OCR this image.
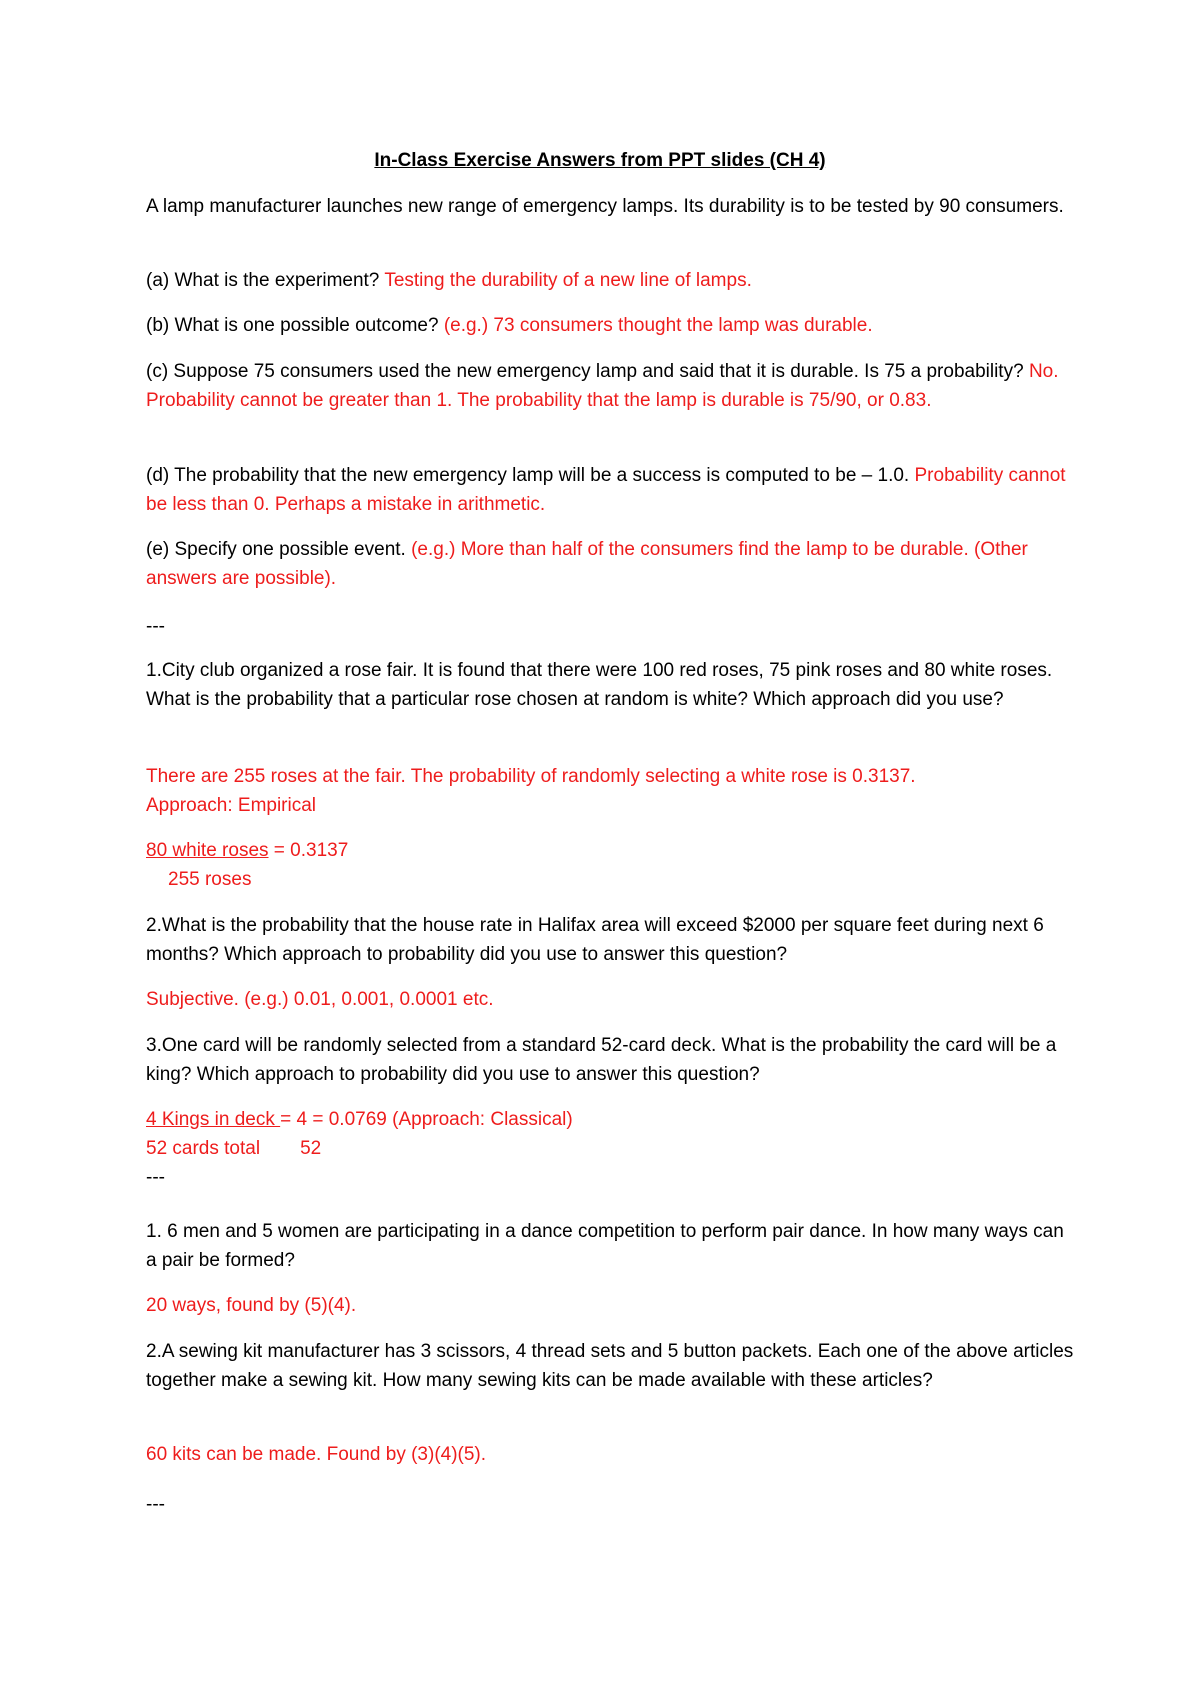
In-Class Exercise Answers from PPT slides (CH 4)
A lamp manufacturer launches new range of emergency lamps. Its durability is to be tested by 90 consumers.
(a) What is the experiment? Testing the durability of a new line of lamps.
(b) What is one possible outcome? (e.g.) 73 consumers thought the lamp was durable.
(c) Suppose 75 consumers used the new emergency lamp and said that it is durable. Is 75 a probability? No. Probability cannot be greater than 1. The probability that the lamp is durable is 75/90, or 0.83.
(d) The probability that the new emergency lamp will be a success is computed to be – 1.0. Probability cannot be less than 0. Perhaps a mistake in arithmetic.
(e) Specify one possible event. (e.g.) More than half of the consumers find the lamp to be durable. (Other answers are possible).
---
1.City club organized a rose fair. It is found that there were 100 red roses, 75 pink roses and 80 white roses. What is the probability that a particular rose chosen at random is white? Which approach did you use?
There are 255 roses at the fair. The probability of randomly selecting a white rose is 0.3137.
Approach: Empirical
80 white roses = 0.3137
255 roses
2.What is the probability that the house rate in Halifax area will exceed $2000 per square feet during next 6 months? Which approach to probability did you use to answer this question?
Subjective. (e.g.) 0.01, 0.001, 0.0001 etc.
3.One card will be randomly selected from a standard 52-card deck. What is the probability the card will be a king? Which approach to probability did you use to answer this question?
4 Kings in deck = 4 = 0.0769 (Approach: Classical)
52 cards total 52
---
1. 6 men and 5 women are participating in a dance competition to perform pair dance. In how many ways can a pair be formed?
20 ways, found by (5)(4).
2.A sewing kit manufacturer has 3 scissors, 4 thread sets and 5 button packets. Each one of the above articles together make a sewing kit. How many sewing kits can be made available with these articles?
60 kits can be made. Found by (3)(4)(5).
---
